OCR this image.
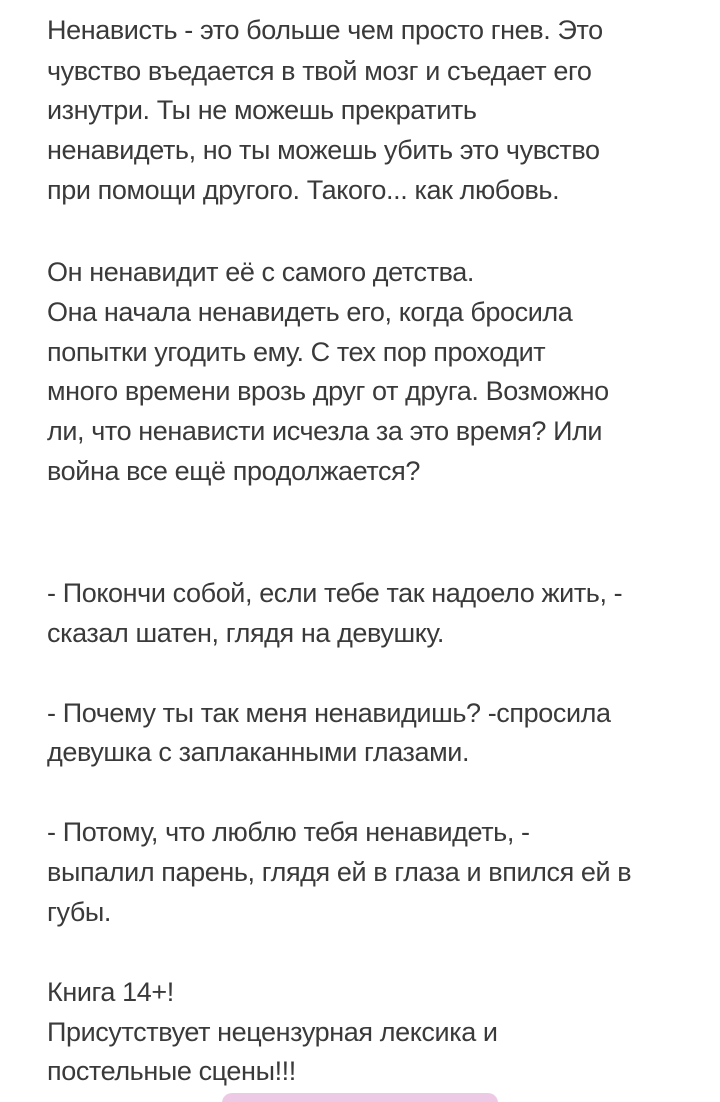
Ненависть - это больше чем просто гнев. Это
чувство въедается в твой мозг и съедает его
изнутри. Ты не можешь прекратить
ненавидеть, но ты можешь убить это чувство
при помощи другого. Такого... как любовь.
Он ненавидит её с самого детства.
Она начала ненавидеть его, когда бросила
попытки угодить ему. С тех пор проходит
много времени врозь друг от друга. Возможно
ли, что ненависти исчезла за это время? Или
война все ещё продолжается?
- Покончи собой, если тебе так надоело жить, -
сказал шатен, глядя на девушку.
- Почему ты так меня ненавидишь? -спросила
девушка с заплаканными глазами.
- Потому, что люблю тебя ненавидеть, -
выпалил парень, глядя ей в глаза и впился ей в
губы.
Книга 14+!
Присутствует нецензурная лексика и
постельные сцены!!!
